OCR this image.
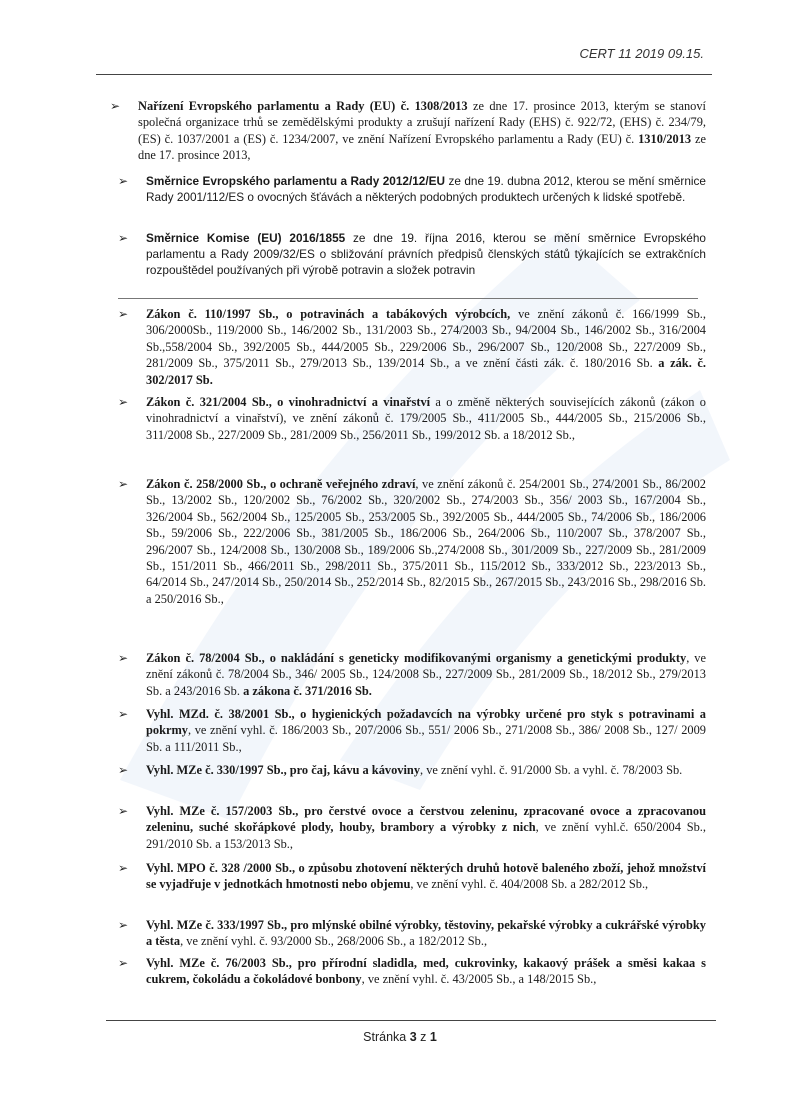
CERT 11 2019 09.15.
➢ Nařízení Evropského parlamentu a Rady (EU) č. 1308/2013 ze dne 17. prosince 2013, kterým se stanoví společná organizace trhů se zemědělskými produkty a zrušují nařízení Rady (EHS) č. 922/72, (EHS) č. 234/79, (ES) č. 1037/2001 a (ES) č. 1234/2007, ve znění Nařízení Evropského parlamentu a Rady (EU) č. 1310/2013 ze dne 17. prosince 2013,
➢ Směrnice Evropského parlamentu a Rady 2012/12/EU ze dne 19. dubna 2012, kterou se mění směrnice Rady 2001/112/ES o ovocných šťávách a některých podobných produktech určených k lidské spotřebě.
➢ Směrnice Komise (EU) 2016/1855 ze dne 19. října 2016, kterou se mění směrnice Evropského parlamentu a Rady 2009/32/ES o sbližování právních předpisů členských států týkajících se extrakčních rozpouštědel používaných při výrobě potravin a složek potravin
➢ Zákon č. 110/1997 Sb., o potravinách a tabákových výrobcích, ve znění zákonů č. 166/1999 Sb., 306/2000Sb., 119/2000 Sb., 146/2002 Sb., 131/2003 Sb., 274/2003 Sb., 94/2004 Sb., 146/2002 Sb., 316/2004 Sb.,558/2004 Sb., 392/2005 Sb., 444/2005 Sb., 229/2006 Sb., 296/2007 Sb., 120/2008 Sb., 227/2009 Sb., 281/2009 Sb., 375/2011 Sb., 279/2013 Sb., 139/2014 Sb., a ve znění části zák. č. 180/2016 Sb. a zák. č. 302/2017 Sb.
➢ Zákon č. 321/2004 Sb., o vinohradnictví a vinařství a o změně některých souvisejících zákonů (zákon o vinohradnictví a vinařství), ve znění zákonů č. 179/2005 Sb., 411/2005 Sb., 444/2005 Sb., 215/2006 Sb., 311/2008 Sb., 227/2009 Sb., 281/2009 Sb., 256/2011 Sb., 199/2012 Sb. a 18/2012 Sb.,
➢ Zákon č. 258/2000 Sb., o ochraně veřejného zdraví, ve znění zákonů č. 254/2001 Sb., 274/2001 Sb., 86/2002 Sb., 13/2002 Sb., 120/2002 Sb., 76/2002 Sb., 320/2002 Sb., 274/2003 Sb., 356/ 2003 Sb., 167/2004 Sb., 326/2004 Sb., 562/2004 Sb., 125/2005 Sb., 253/2005 Sb., 392/2005 Sb., 444/2005 Sb., 74/2006 Sb., 186/2006 Sb., 59/2006 Sb., 222/2006 Sb., 381/2005 Sb., 186/2006 Sb., 264/2006 Sb., 110/2007 Sb., 378/2007 Sb., 296/2007 Sb., 124/2008 Sb., 130/2008 Sb., 189/2006 Sb.,274/2008 Sb., 301/2009 Sb., 227/2009 Sb., 281/2009 Sb., 151/2011 Sb., 466/2011 Sb., 298/2011 Sb., 375/2011 Sb., 115/2012 Sb., 333/2012 Sb., 223/2013 Sb., 64/2014 Sb., 247/2014 Sb., 250/2014 Sb., 252/2014 Sb., 82/2015 Sb., 267/2015 Sb., 243/2016 Sb., 298/2016 Sb. a 250/2016 Sb.,
➢ Zákon č. 78/2004 Sb., o nakládání s geneticky modifikovanými organismy a genetickými produkty, ve znění zákonů č. 78/2004 Sb., 346/ 2005 Sb., 124/2008 Sb., 227/2009 Sb., 281/2009 Sb., 18/2012 Sb., 279/2013 Sb. a 243/2016 Sb. a zákona č. 371/2016 Sb.
➢ Vyhl. MZd. č. 38/2001 Sb., o hygienických požadavcích na výrobky určené pro styk s potravinami a pokrmy, ve znění vyhl. č. 186/2003 Sb., 207/2006 Sb., 551/ 2006 Sb., 271/2008 Sb., 386/ 2008 Sb., 127/ 2009 Sb. a 111/2011 Sb.,
➢ Vyhl. MZe č. 330/1997 Sb., pro čaj, kávu a kávoviny, ve znění vyhl. č. 91/2000 Sb. a vyhl. č. 78/2003 Sb.
➢ Vyhl. MZe č. 157/2003 Sb., pro čerstvé ovoce a čerstvou zeleninu, zpracované ovoce a zpracovanou zeleninu, suché skořápkové plody, houby, brambory a výrobky z nich, ve znění vyhl.č. 650/2004 Sb., 291/2010 Sb. a 153/2013 Sb.,
➢ Vyhl. MPO č. 328 /2000 Sb., o způsobu zhotovení některých druhů hotově baleného zboží, jehož množství se vyjadřuje v jednotkách hmotnosti nebo objemu, ve znění vyhl. č. 404/2008 Sb. a 282/2012 Sb.,
➢ Vyhl. MZe č. 333/1997 Sb., pro mlýnské obilné výrobky, těstoviny, pekařské výrobky a cukrářské výrobky a těsta, ve znění vyhl. č. 93/2000 Sb., 268/2006 Sb., a 182/2012 Sb.,
➢ Vyhl. MZe č. 76/2003 Sb., pro přírodní sladidla, med, cukrovinky, kakaový prášek a směsi kakaa s cukrem, čokoládu a čokoládové bonbony, ve znění vyhl. č. 43/2005 Sb., a 148/2015 Sb.,
Stránka 3 z 1
